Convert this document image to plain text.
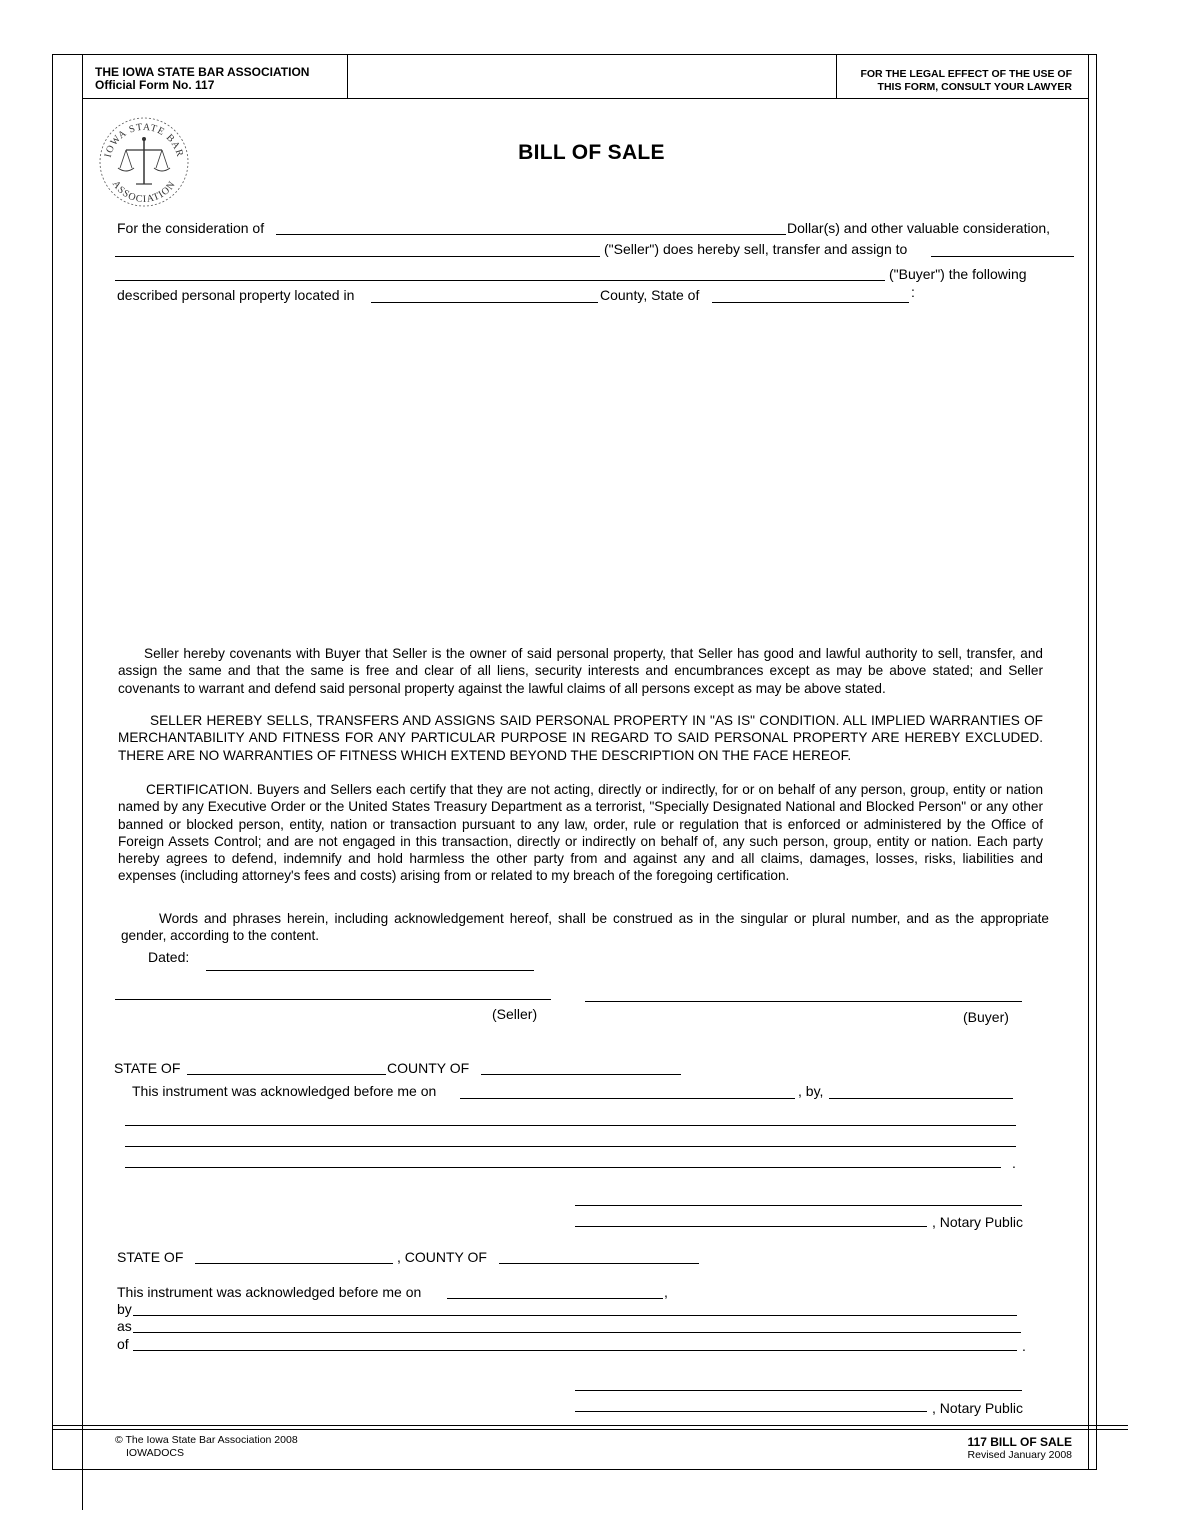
THE IOWA STATE BAR ASSOCIATION
Official Form No. 117
FOR THE LEGAL EFFECT OF THE USE OF
THIS FORM, CONSULT YOUR LAWYER
IOWA STATE BAR
ASSOCIATION
BILL OF SALE
For the consideration of	Dollar(s) and other valuable consideration,
("Seller") does hereby sell, transfer and assign to
("Buyer") the following
described personal property located in	County, State of	:

Seller hereby covenants with Buyer that Seller is the owner of said personal property, that Seller has good and lawful authority to sell, transfer, and assign the same and that the same is free and clear of all liens, security interests and encumbrances except as may be above stated; and Seller covenants to warrant and defend said personal property against the lawful claims of all persons except as may be above stated.

SELLER HEREBY SELLS, TRANSFERS AND ASSIGNS SAID PERSONAL PROPERTY IN "AS IS" CONDITION. ALL IMPLIED WARRANTIES OF MERCHANTABILITY AND FITNESS FOR ANY PARTICULAR PURPOSE IN REGARD TO SAID PERSONAL PROPERTY ARE HEREBY EXCLUDED. THERE ARE NO WARRANTIES OF FITNESS WHICH EXTEND BEYOND THE DESCRIPTION ON THE FACE HEREOF.

CERTIFICATION. Buyers and Sellers each certify that they are not acting, directly or indirectly, for or on behalf of any person, group, entity or nation named by any Executive Order or the United States Treasury Department as a terrorist, "Specially Designated National and Blocked Person" or any other banned or blocked person, entity, nation or transaction pursuant to any law, order, rule or regulation that is enforced or administered by the Office of Foreign Assets Control; and are not engaged in this transaction, directly or indirectly on behalf of, any such person, group, entity or nation. Each party hereby agrees to defend, indemnify and hold harmless the other party from and against any and all claims, damages, losses, risks, liabilities and expenses (including attorney's fees and costs) arising from or related to my breach of the foregoing certification.

Words and phrases herein, including acknowledgement hereof, shall be construed as in the singular or plural number, and as the appropriate gender, according to the content.

Dated:
(Seller)	(Buyer)
STATE OF	COUNTY OF
This instrument was acknowledged before me on	, by,
.
, Notary Public
STATE OF	, COUNTY OF
This instrument was acknowledged before me on	,
by
as
of	.
, Notary Public
© The Iowa State Bar Association 2008
IOWADOCS
117 BILL OF SALE
Revised January 2008
